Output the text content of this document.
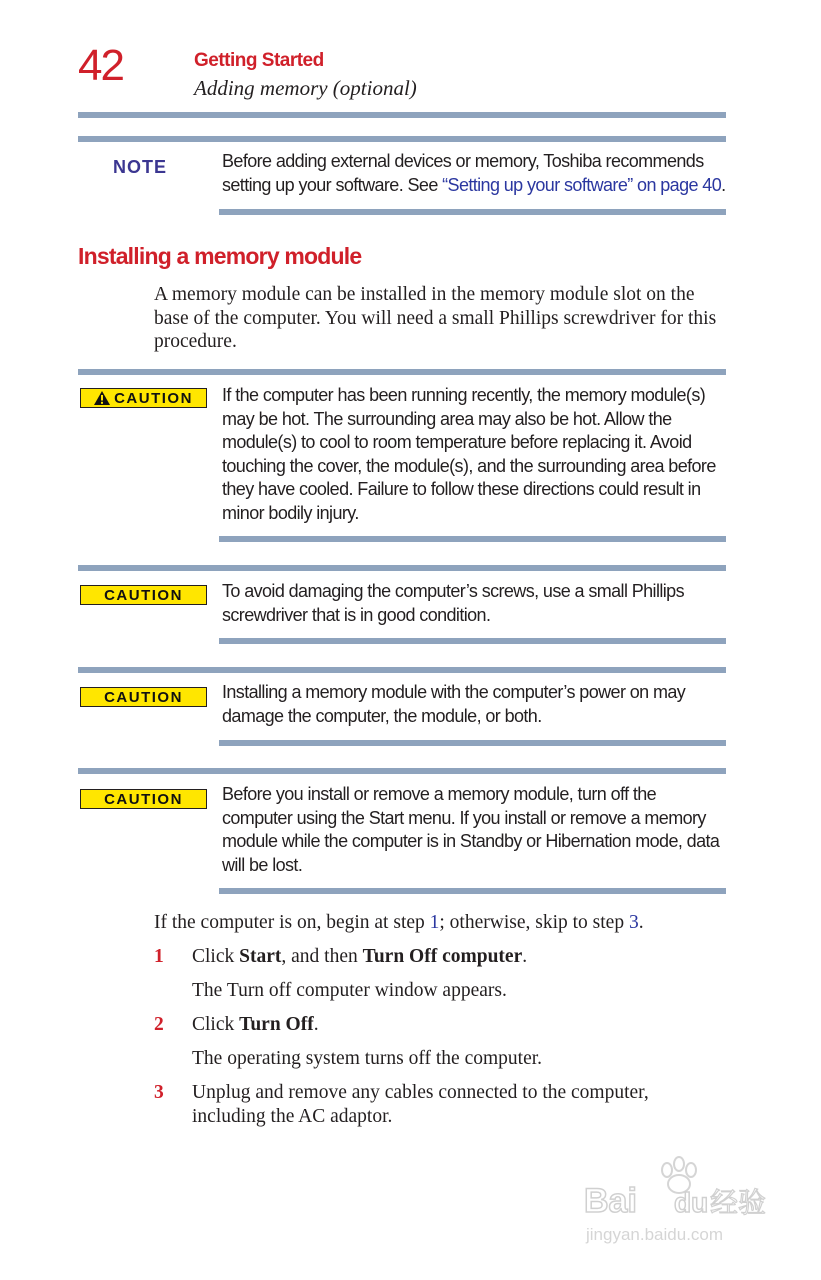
42	Getting Started
Adding memory (optional)
NOTE	Before adding external devices or memory, Toshiba recommends setting up your software. See “Setting up your software” on page 40.
Installing a memory module
A memory module can be installed in the memory module slot on the base of the computer. You will need a small Phillips screwdriver for this procedure.
CAUTION If the computer has been running recently, the memory module(s) may be hot. The surrounding area may also be hot. Allow the module(s) to cool to room temperature before replacing it. Avoid touching the cover, the module(s), and the surrounding area before they have cooled. Failure to follow these directions could result in minor bodily injury.
CAUTION To avoid damaging the computer’s screws, use a small Phillips screwdriver that is in good condition.
CAUTION Installing a memory module with the computer’s power on may damage the computer, the module, or both.
CAUTION Before you install or remove a memory module, turn off the computer using the Start menu. If you install or remove a memory module while the computer is in Standby or Hibernation mode, data will be lost.
If the computer is on, begin at step 1; otherwise, skip to step 3.
1 Click Start, and then Turn Off computer.
The Turn off computer window appears.
2 Click Turn Off.
The operating system turns off the computer.
3 Unplug and remove any cables connected to the computer, including the AC adaptor.
Bai du 经验
jingyan.baidu.com
